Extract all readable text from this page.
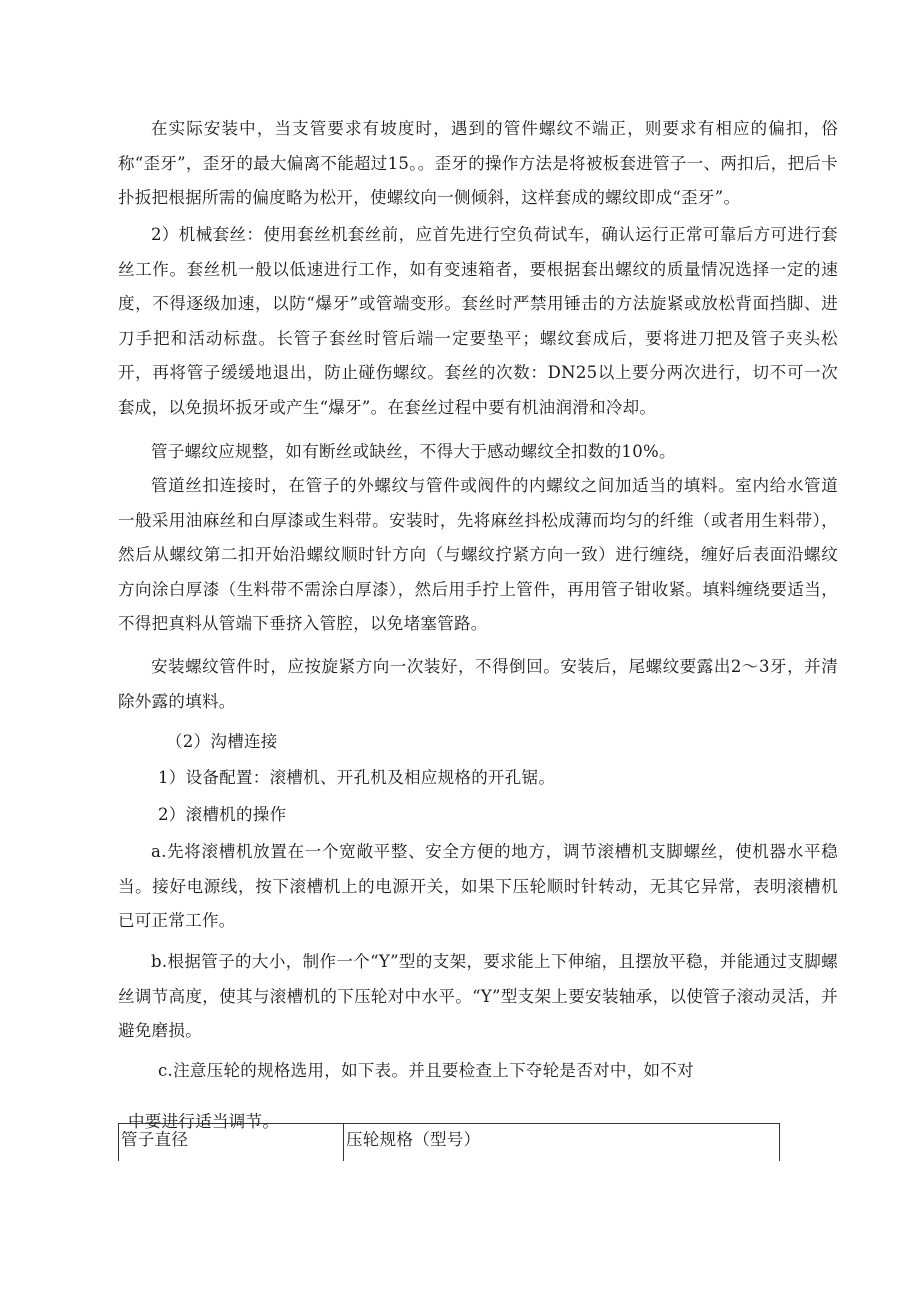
在实际安装中，当支管要求有坡度时，遇到的管件螺纹不端正，则要求有相应的偏扣，俗称“歪牙”，歪牙的最大偏离不能超过15。。歪牙的操作方法是将被板套进管子一、两扣后，把后卡扑扳把根据所需的偏度略为松开，使螺纹向一侧倾斜，这样套成的螺纹即成“歪牙”。

2）机械套丝：使用套丝机套丝前，应首先进行空负荷试车，确认运行正常可靠后方可进行套丝工作。套丝机一般以低速进行工作，如有变速箱者，要根据套出螺纹的质量情况选择一定的速度，不得逐级加速，以防“爆牙”或管端变形。套丝时严禁用锤击的方法旋紧或放松背面挡脚、进刀手把和活动标盘。长管子套丝时管后端一定要垫平；螺纹套成后，要将进刀把及管子夹头松开，再将管子缓缓地退出，防止碰伤螺纹。套丝的次数：DN25以上要分两次进行，切不可一次套成，以免损坏扳牙或产生“爆牙”。在套丝过程中要有机油润滑和冷却。

管子螺纹应规整，如有断丝或缺丝，不得大于感动螺纹全扣数的10%。

管道丝扣连接时，在管子的外螺纹与管件或阀件的内螺纹之间加适当的填料。室内给水管道一般采用油麻丝和白厚漆或生料带。安装时，先将麻丝抖松成薄而均匀的纤维（或者用生料带），然后从螺纹第二扣开始沿螺纹顺时针方向（与螺纹拧紧方向一致）进行缠绕，缠好后表面沿螺纹方向涂白厚漆（生料带不需涂白厚漆），然后用手拧上管件，再用管子钳收紧。填料缠绕要适当，不得把真料从管端下垂挤入管腔，以免堵塞管路。

安装螺纹管件时，应按旋紧方向一次装好，不得倒回。安装后，尾螺纹要露出2～3牙，并清除外露的填料。

（2）沟槽连接

1）设备配置：滚槽机、开孔机及相应规格的开孔锯。

2）滚槽机的操作

a.先将滚槽机放置在一个宽敞平整、安全方便的地方，调节滚槽机支脚螺丝，使机器水平稳当。接好电源线，按下滚槽机上的电源开关，如果下压轮顺时针转动，无其它异常，表明滚槽机已可正常工作。

b.根据管子的大小，制作一个“Y”型的支架，要求能上下伸缩，且摆放平稳，并能通过支脚螺丝调节高度，使其与滚槽机的下压轮对中水平。“Y”型支架上要安装轴承，以使管子滚动灵活，并避免磨损。

c.注意压轮的规格选用，如下表。并且要检查上下夺轮是否对中，如不对

中要进行适当调节。

管子直径	压轮规格（型号）
